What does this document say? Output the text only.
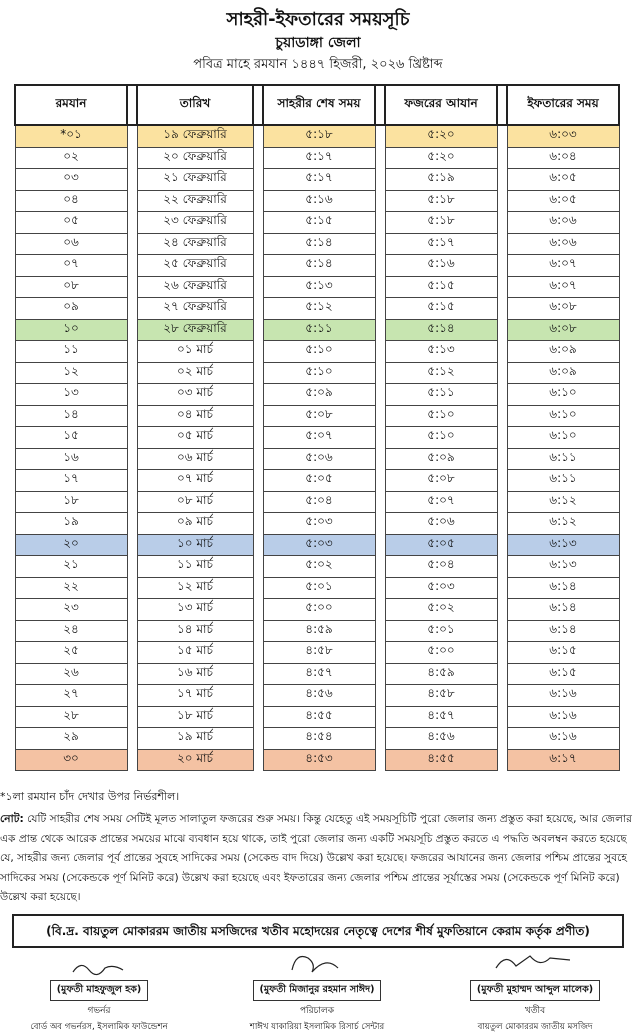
সাহরী-ইফতারের সময়সূচি
চুয়াডাঙ্গা জেলা
পবিত্র মাহে রমযান ১৪৪৭ হিজরী, ২০২৬ খ্রিষ্টাব্দ
রমযান		তারিখ		সাহরীর শেষ সময়		ফজরের আযান		ইফতারের সময়
*০১		১৯ ফেব্রুয়ারি		৫:১৮		৫:২০		৬:০৩
০২		২০ ফেব্রুয়ারি		৫:১৭		৫:২০		৬:০৪
০৩		২১ ফেব্রুয়ারি		৫:১৭		৫:১৯		৬:০৫
০৪		২২ ফেব্রুয়ারি		৫:১৬		৫:১৮		৬:০৫
০৫		২৩ ফেব্রুয়ারি		৫:১৫		৫:১৮		৬:০৬
০৬		২৪ ফেব্রুয়ারি		৫:১৪		৫:১৭		৬:০৬
০৭		২৫ ফেব্রুয়ারি		৫:১৪		৫:১৬		৬:০৭
০৮		২৬ ফেব্রুয়ারি		৫:১৩		৫:১৫		৬:০৭
০৯		২৭ ফেব্রুয়ারি		৫:১২		৫:১৫		৬:০৮
১০		২৮ ফেব্রুয়ারি		৫:১১		৫:১৪		৬:০৮
১১		০১ মার্চ		৫:১০		৫:১৩		৬:০৯
১২		০২ মার্চ		৫:১০		৫:১২		৬:০৯
১৩		০৩ মার্চ		৫:০৯		৫:১১		৬:১০
১৪		০৪ মার্চ		৫:০৮		৫:১০		৬:১০
১৫		০৫ মার্চ		৫:০৭		৫:১০		৬:১০
১৬		০৬ মার্চ		৫:০৬		৫:০৯		৬:১১
১৭		০৭ মার্চ		৫:০৫		৫:০৮		৬:১১
১৮		০৮ মার্চ		৫:০৪		৫:০৭		৬:১২
১৯		০৯ মার্চ		৫:০৩		৫:০৬		৬:১২
২০		১০ মার্চ		৫:০৩		৫:০৫		৬:১৩
২১		১১ মার্চ		৫:০২		৫:০৪		৬:১৩
২২		১২ মার্চ		৫:০১		৫:০৩		৬:১৪
২৩		১৩ মার্চ		৫:০০		৫:০২		৬:১৪
২৪		১৪ মার্চ		৪:৫৯		৫:০১		৬:১৪
২৫		১৫ মার্চ		৪:৫৮		৫:০০		৬:১৫
২৬		১৬ মার্চ		৪:৫৭		৪:৫৯		৬:১৫
২৭		১৭ মার্চ		৪:৫৬		৪:৫৮		৬:১৬
২৮		১৮ মার্চ		৪:৫৫		৪:৫৭		৬:১৬
২৯		১৯ মার্চ		৪:৫৪		৪:৫৬		৬:১৬
৩০		২০ মার্চ		৪:৫৩		৪:৫৫		৬:১৭
*১লা রমযান চাঁদ দেখার উপর নির্ভরশীল।
নোট: যেটি সাহরীর শেষ সময় সেটিই মূলত সালাতুল ফজরের শুরু সময়। কিন্তু যেহেতু এই সময়সূচিটি পুরো জেলার জন্য প্রস্তুত করা হয়েছে, আর জেলার এক প্রান্ত থেকে আরেক প্রান্তের সময়ের মাঝে ব্যবধান হয়ে থাকে, তাই পুরো জেলার জন্য একটি সময়সূচি প্রস্তুত করতে এ পদ্ধতি অবলম্বন করতে হয়েছে যে, সাহরীর জন্য জেলার পূর্ব প্রান্তের সুবহে সাদিকের সময় (সেকেন্ড বাদ দিয়ে) উল্লেখ করা হয়েছে। ফজরের আযানের জন্য জেলার পশ্চিম প্রান্তের সুবহে সাদিকের সময় (সেকেন্ডকে পূর্ণ মিনিট করে) উল্লেখ করা হয়েছে এবং ইফতারের জন্য জেলার পশ্চিম প্রান্তের সূর্যাস্তের সময় (সেকেন্ডকে পূর্ণ মিনিট করে) উল্লেখ করা হয়েছে।
(বি.দ্র. বায়তুল মোকাররম জাতীয় মসজিদের খতীব মহোদয়ের নেতৃত্বে দেশের শীর্ষ মুফতিয়ানে কেরাম কর্তৃক প্রণীত)
(মুফতী মাহফুজুল হক)
গভর্নর
বোর্ড অব গভর্নরস, ইসলামিক ফাউন্ডেশন
(মুফতী মিজানুর রহমান সাঈদ)
পরিচালক
শাঈখ যাকারিয়া ইসলামিক রিসার্চ সেন্টার
(মুফতী মুহাম্মদ আব্দুল মালেক)
খতীব
বায়তুল মোকাররম জাতীয় মসজিদ
